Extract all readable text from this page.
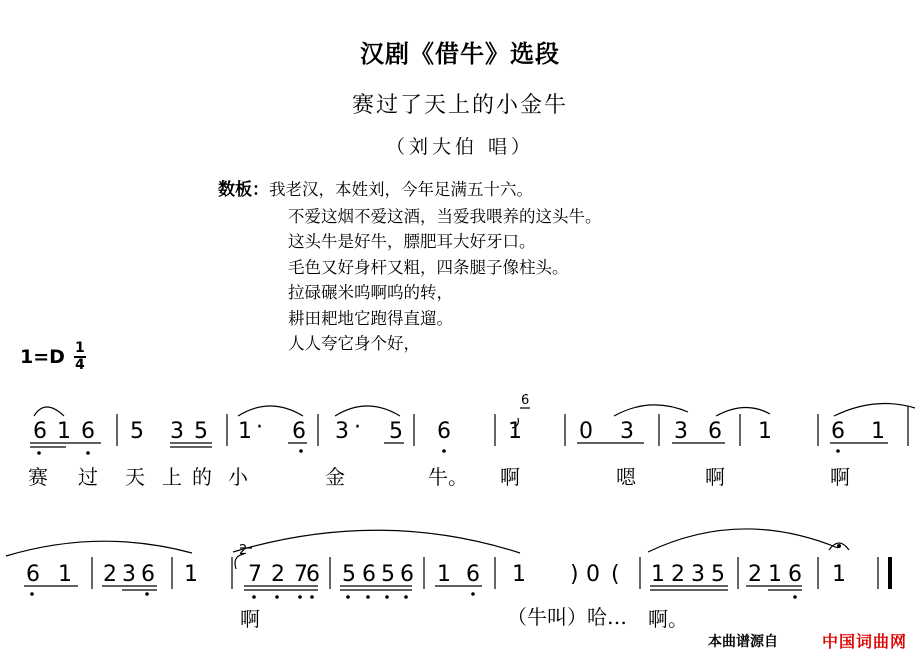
汉剧《借牛》选段
赛过了天上的小金牛
（刘大伯 唱）
数板：我老汉，本姓刘，今年足满五十六。
不爱这烟不爱这酒，当爱我喂养的这头牛。
这头牛是好牛，膘肥耳大好牙口。
毛色又好身杆又粗，四条腿子像柱头。
拉碌碾米呜啊呜的转，
耕田耙地它跑得直遛。
人人夸它身个好，
$1=D \frac{1}{4}$
6 1 6 5 3 5 1 · 6 3 · 5 6	1	0 3 3 6 1	6 1
6
赛 过 天 上 的 小	金	牛。 啊	嗯	啊	啊
6 1 2 3 6 1 7 2 7
6 5 6 5 6 1 6 1 ) 0 ( 1 2 3 5 2 1 6 1
2
啊	（牛叫）哈… 啊。
本曲谱源自	中国词曲网
